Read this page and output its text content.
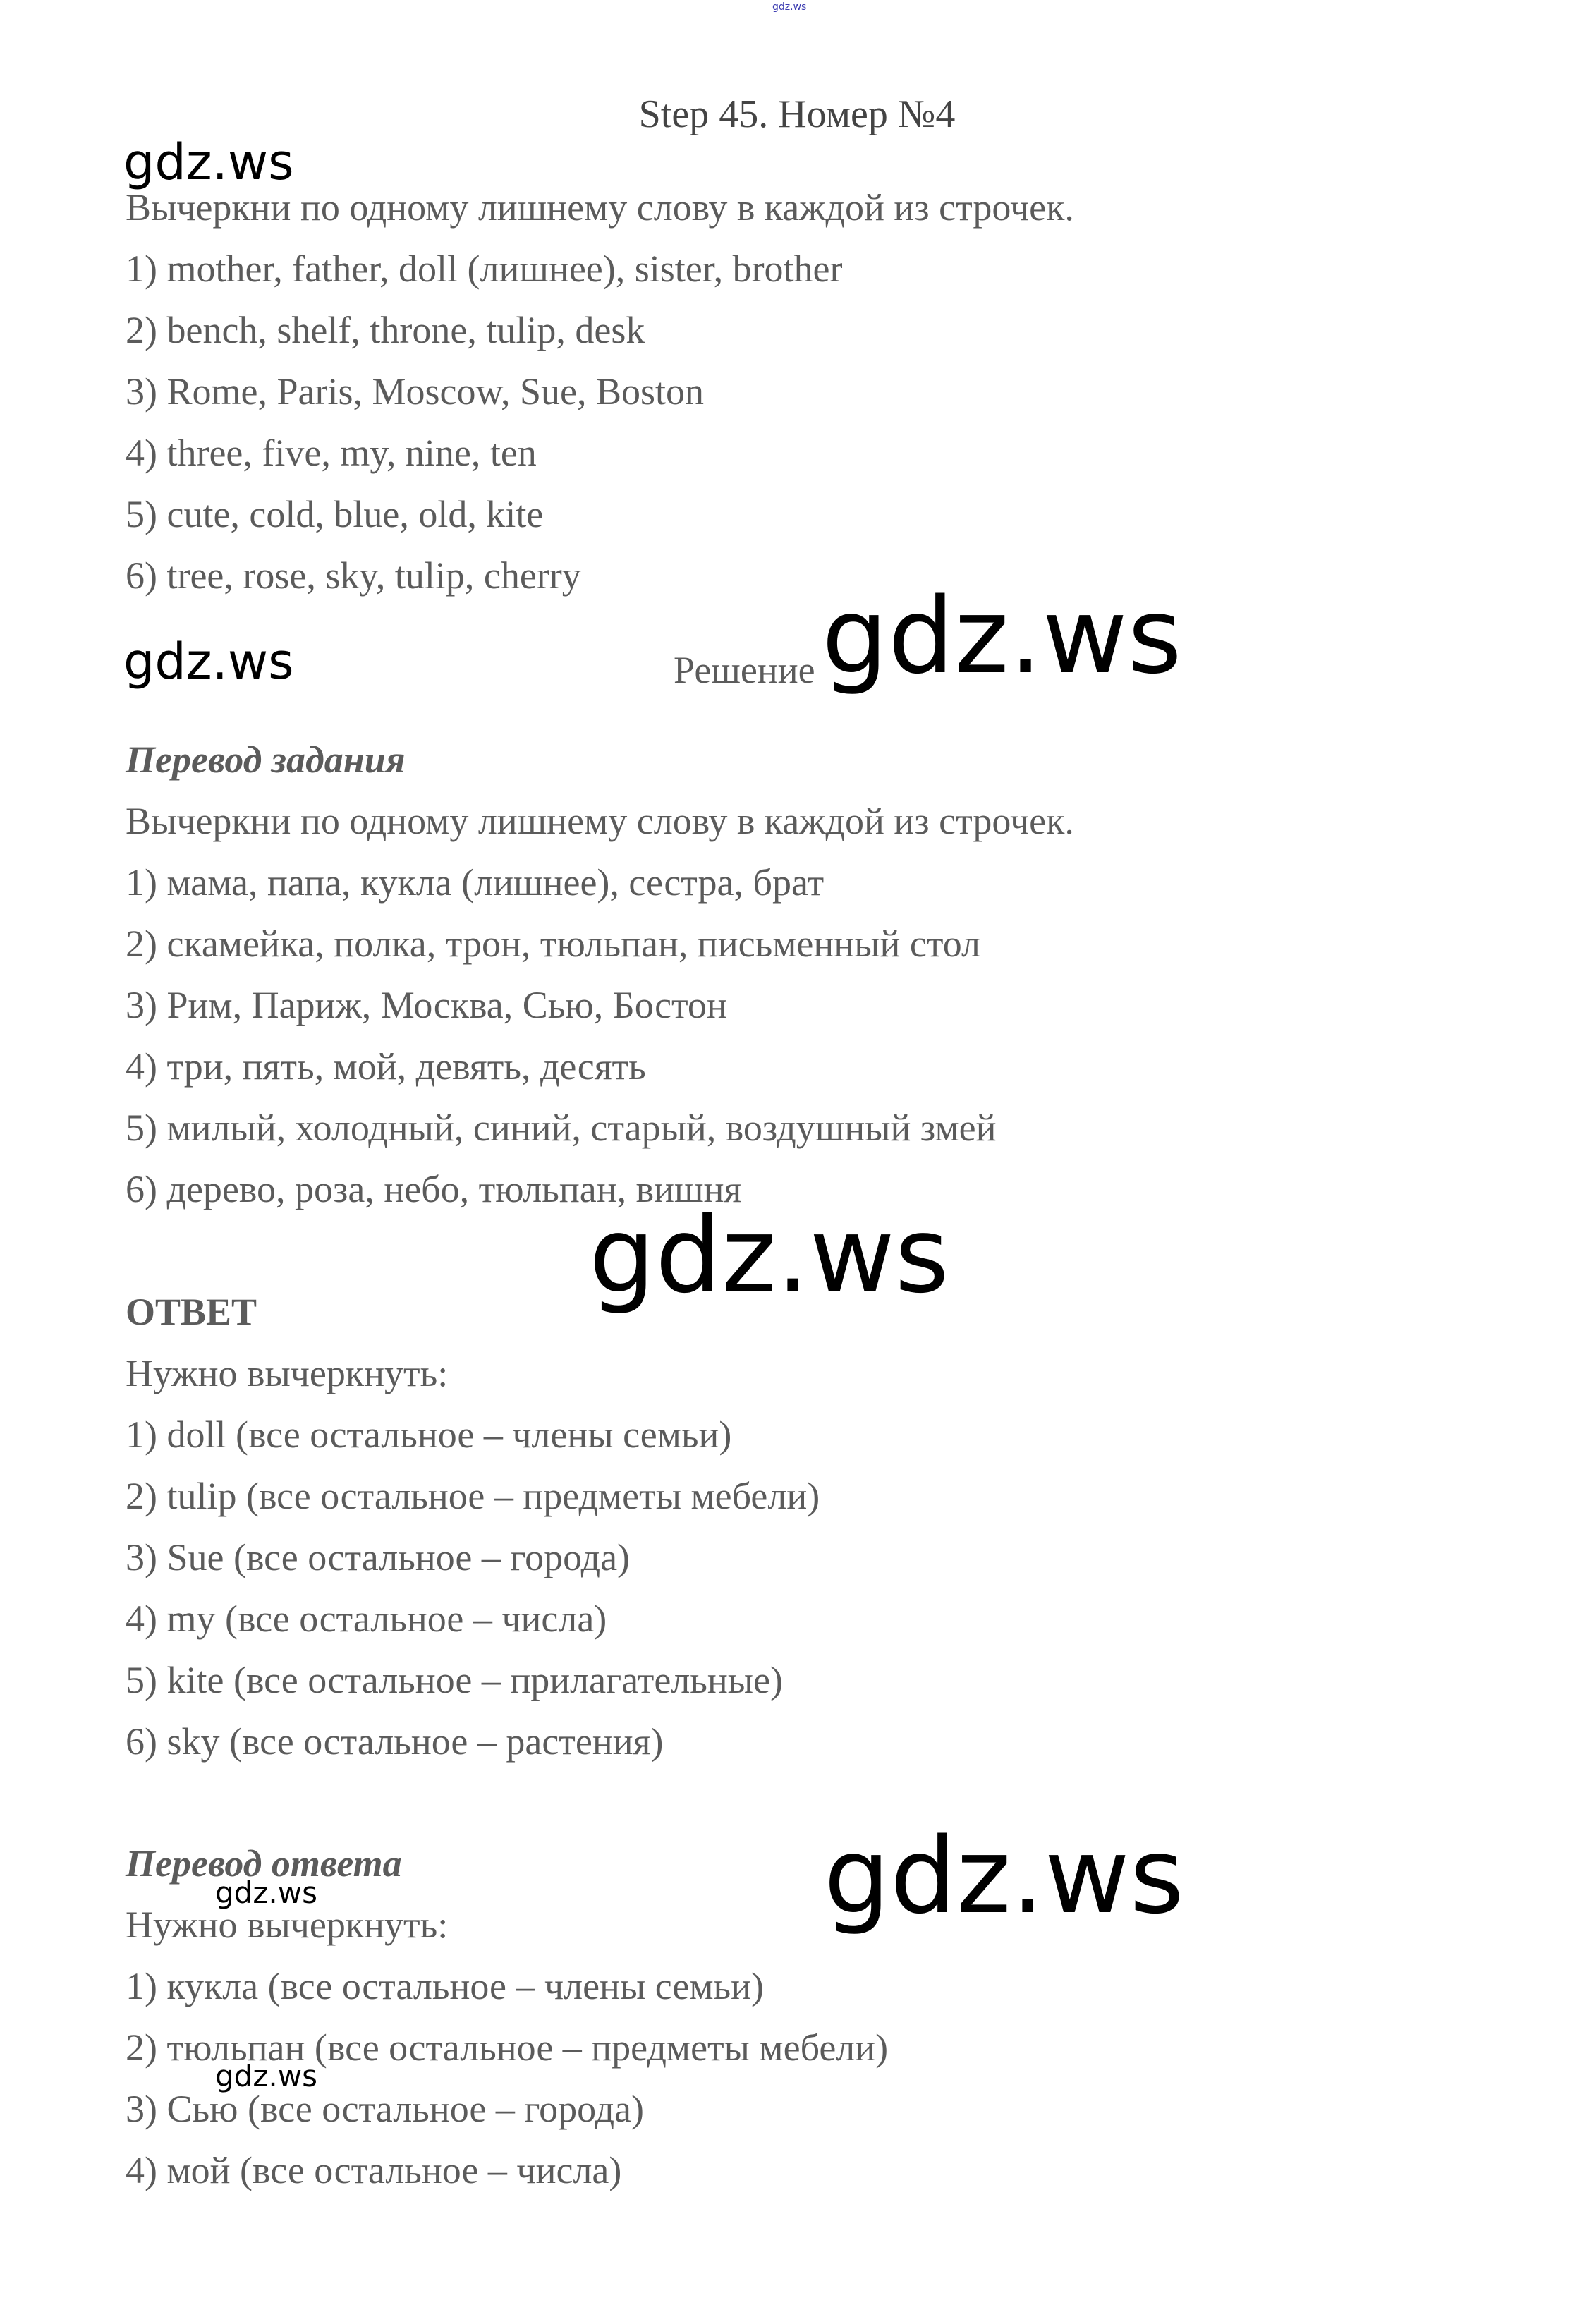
gdz.ws
Step 45. Номер №4
gdz.ws
Вычеркни по одному лишнему слову в каждой из строчек.
1) mother, father, doll (лишнее), sister, brother
2) bench, shelf, throne, tulip, desk
3) Rome, Paris, Moscow, Sue, Boston
4) three, five, my, nine, ten
5) cute, cold, blue, old, kite
6) tree, rose, sky, tulip, cherry
gdz.ws	Решение gdz.ws
Перевод задания
Вычеркни по одному лишнему слову в каждой из строчек.
1) мама, папа, кукла (лишнее), сестра, брат
2) скамейка, полка, трон, тюльпан, письменный стол
3) Рим, Париж, Москва, Сью, Бостон
4) три, пять, мой, девять, десять
5) милый, холодный, синий, старый, воздушный змей
6) дерево, роза, небо, тюльпан, вишня
gdz.ws
ОТВЕТ
Нужно вычеркнуть:
1) doll (все остальное – члены семьи)
2) tulip (все остальное – предметы мебели)
3) Sue (все остальное – города)
4) my (все остальное – числа)
5) kite (все остальное – прилагательные)
6) sky (все остальное – растения)
Перевод ответа
gdz.ws	gdz.ws
Нужно вычеркнуть:
1) кукла (все остальное – члены семьи)
2) тюльпан (все остальное – предметы мебели)
gdz.ws
3) Сью (все остальное – города)
4) мой (все остальное – числа)
